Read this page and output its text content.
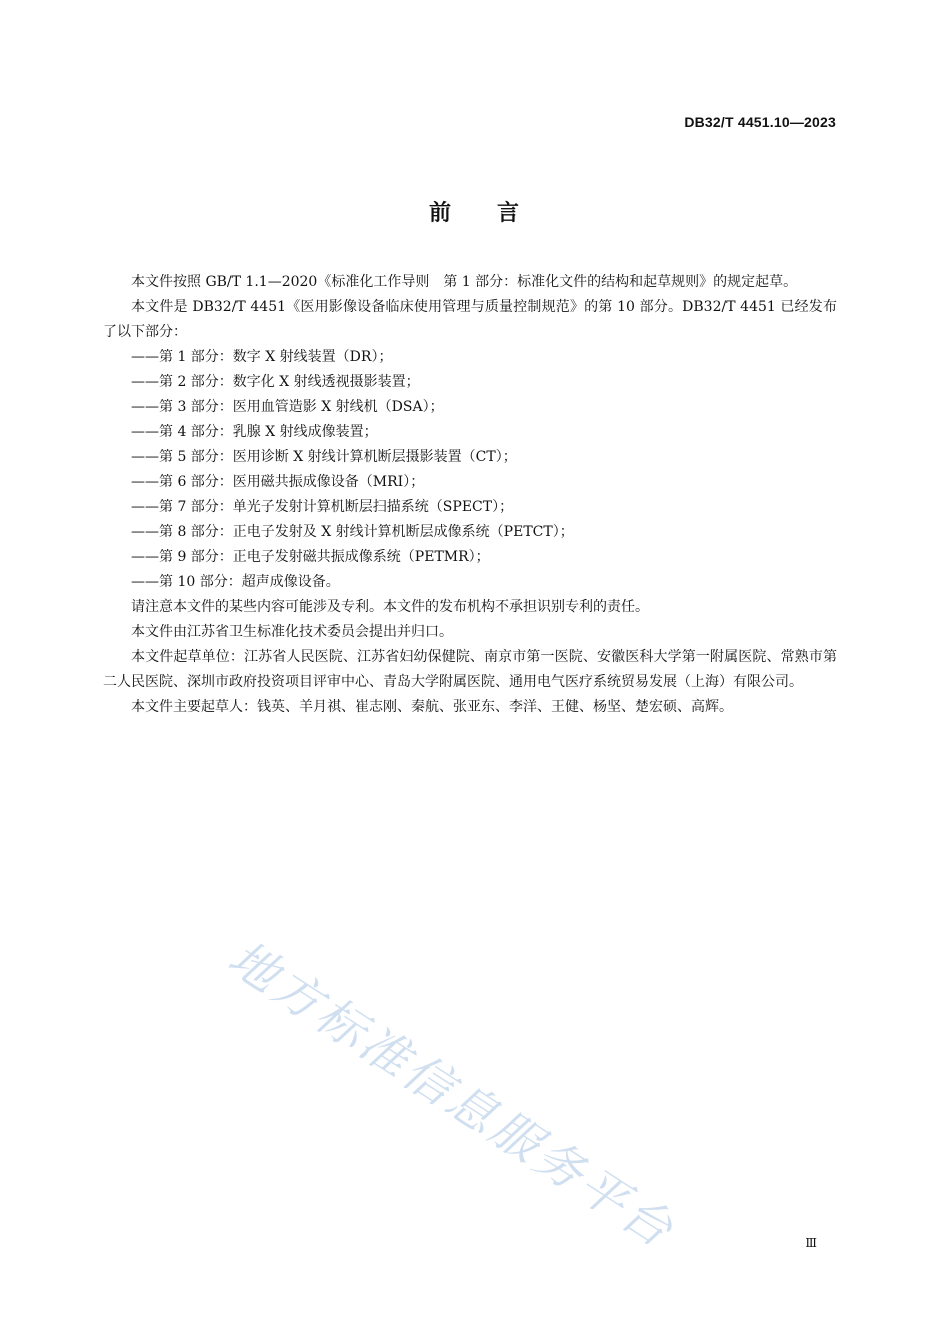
DB32/T 4451.10—2023
前 言

本文件按照 GB/T 1.1—2020《标准化工作导则　第 1 部分：标准化文件的结构和起草规则》的规定起草。

本文件是 DB32/T 4451《医用影像设备临床使用管理与质量控制规范》的第 10 部分。DB32/T 4451 已经发布了以下部分：

——第 1 部分：数字 X 射线装置（DR）；
——第 2 部分：数字化 X 射线透视摄影装置；
——第 3 部分：医用血管造影 X 射线机（DSA）；
——第 4 部分：乳腺 X 射线成像装置；
——第 5 部分：医用诊断 X 射线计算机断层摄影装置（CT）；
——第 6 部分：医用磁共振成像设备（MRI）；
——第 7 部分：单光子发射计算机断层扫描系统（SPECT）；
——第 8 部分：正电子发射及 X 射线计算机断层成像系统（PETCT）；
——第 9 部分：正电子发射磁共振成像系统（PETMR）；
——第 10 部分：超声成像设备。

请注意本文件的某些内容可能涉及专利。本文件的发布机构不承担识别专利的责任。

本文件由江苏省卫生标准化技术委员会提出并归口。

本文件起草单位：江苏省人民医院、江苏省妇幼保健院、南京市第一医院、安徽医科大学第一附属医院、常熟市第二人民医院、深圳市政府投资项目评审中心、青岛大学附属医院、通用电气医疗系统贸易发展（上海）有限公司。

本文件主要起草人：钱英、羊月祺、崔志刚、秦航、张亚东、李洋、王健、杨坚、楚宏硕、高辉。

地方标准信息服务平台	Ⅲ
